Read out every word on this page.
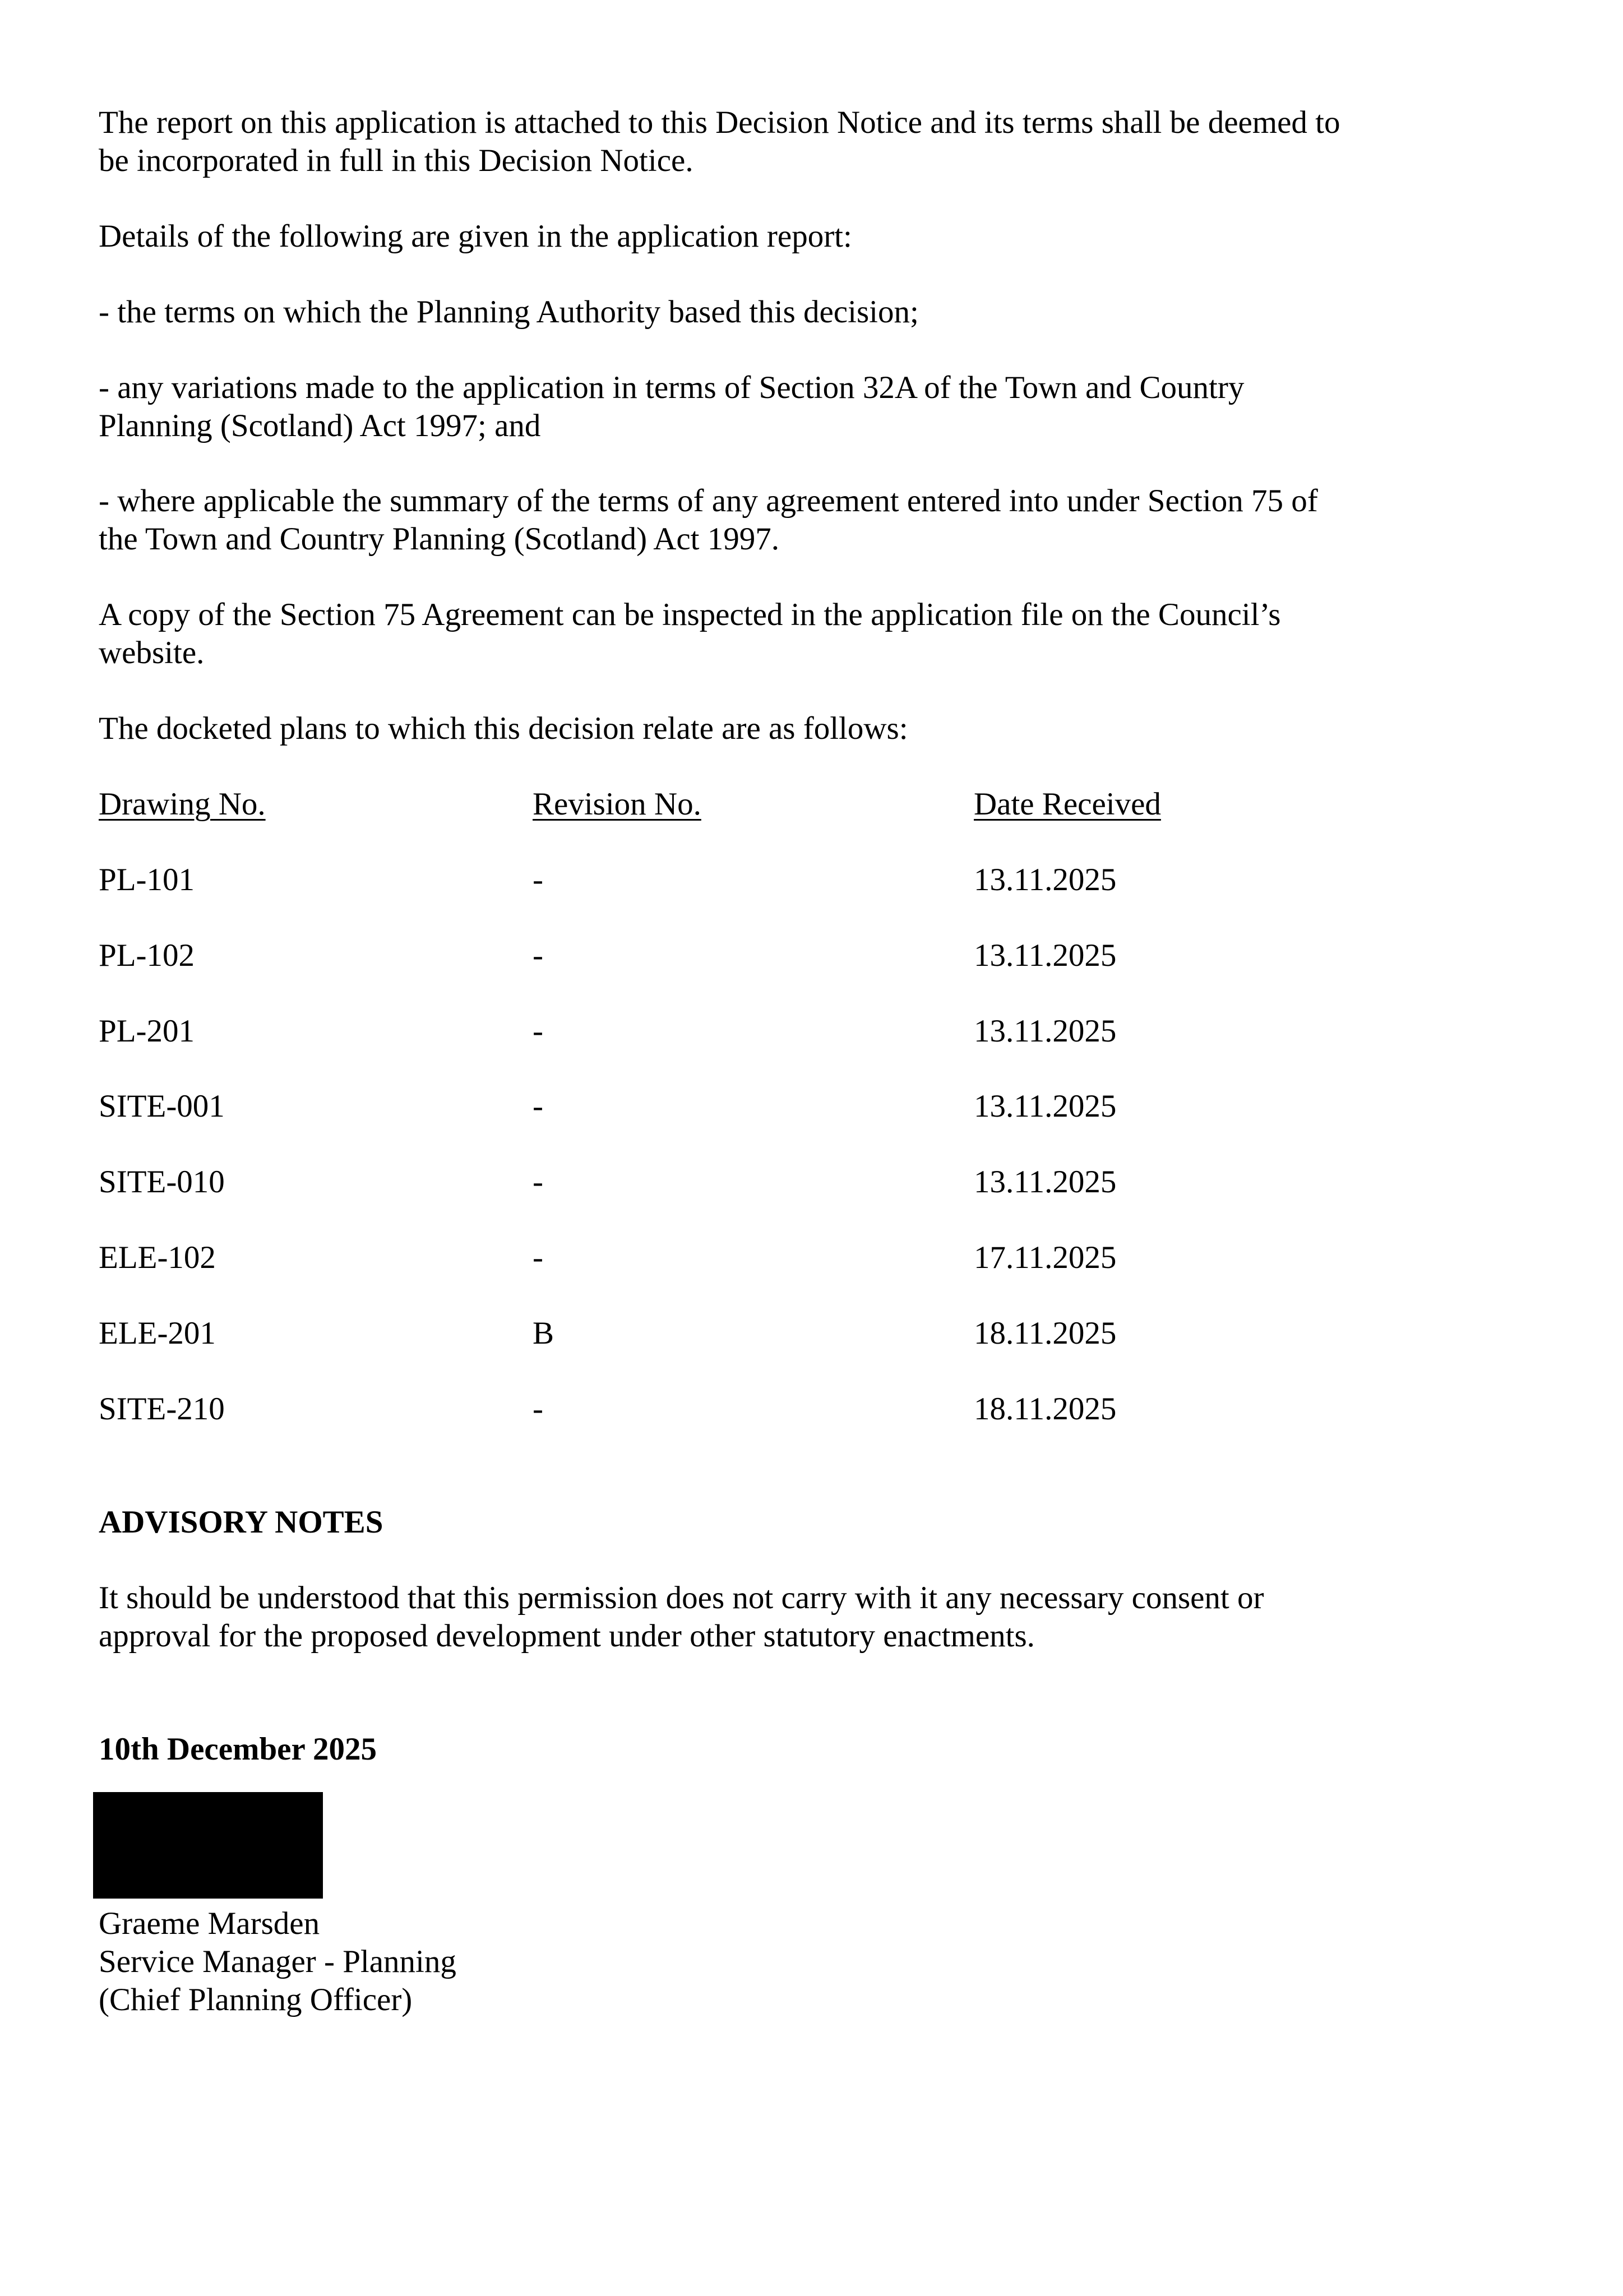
The report on this application is attached to this Decision Notice and its terms shall be deemed to
be incorporated in full in this Decision Notice.
Details of the following are given in the application report:
- the terms on which the Planning Authority based this decision;
- any variations made to the application in terms of Section 32A of the Town and Country
Planning (Scotland) Act 1997; and
- where applicable the summary of the terms of any agreement entered into under Section 75 of
the Town and Country Planning (Scotland) Act 1997.
A copy of the Section 75 Agreement can be inspected in the application file on the Council’s
website.
The docketed plans to which this decision relate are as follows:
Drawing No.	Revision No.	Date Received
PL-101	-	13.11.2025
PL-102	-	13.11.2025
PL-201	-	13.11.2025
SITE-001	-	13.11.2025
SITE-010	-	13.11.2025
ELE-102	-	17.11.2025
ELE-201	B	18.11.2025
SITE-210	-	18.11.2025
ADVISORY NOTES
It should be understood that this permission does not carry with it any necessary consent or
approval for the proposed development under other statutory enactments.
10th December 2025
Graeme Marsden
Service Manager - Planning
(Chief Planning Officer)
